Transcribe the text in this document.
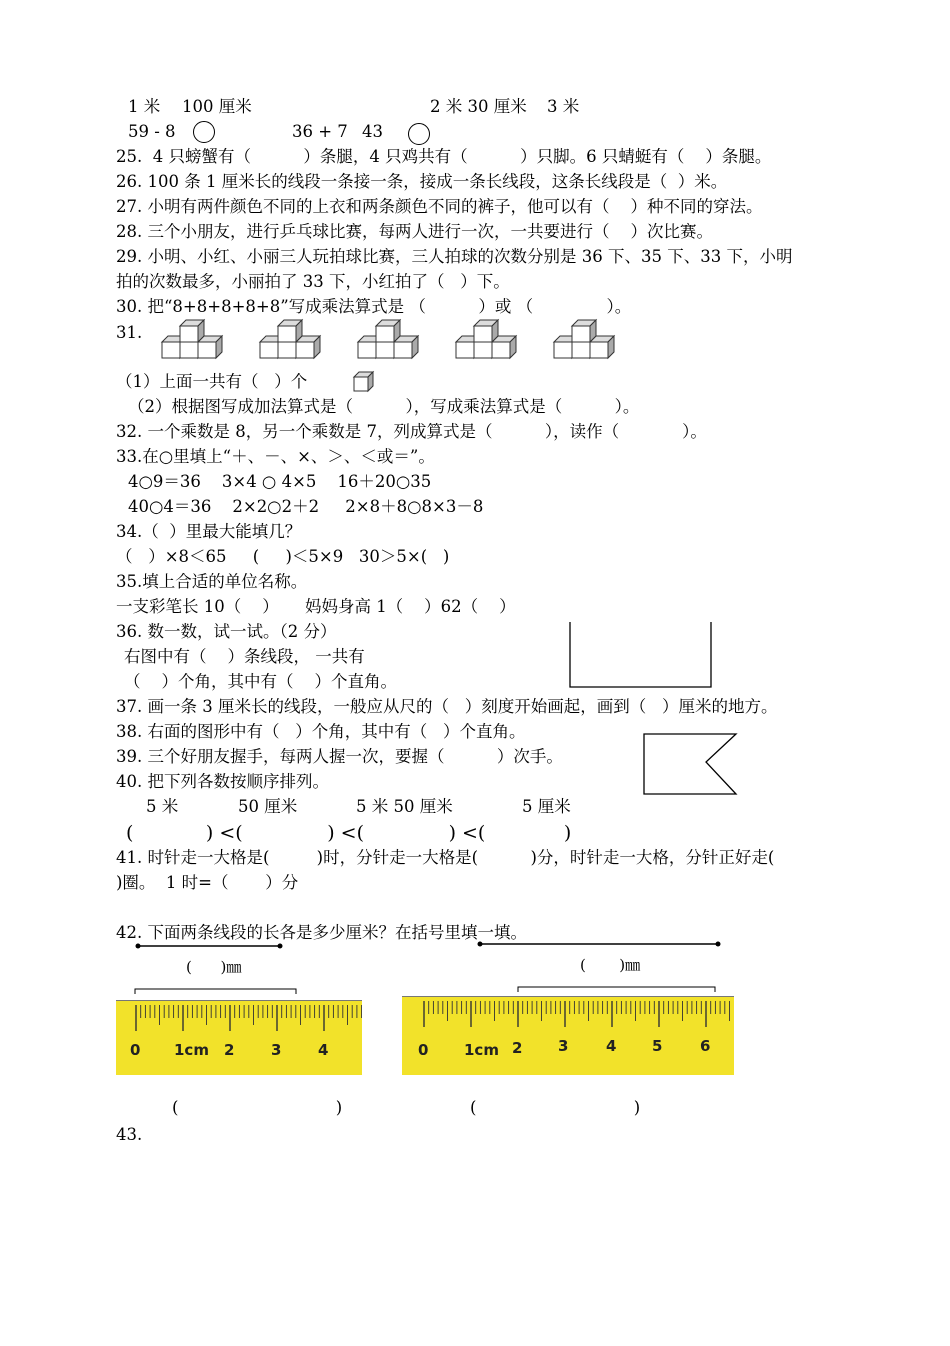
1 米 100 厘米	2 米 30 厘米 3 米
59 - 8	36 + 7 43
25.  4 只螃蟹有（          ）条腿，4 只鸡共有（          ）只脚。6 只蜻蜓有（    ）条腿。
26. 100 条 1 厘米长的线段一条接一条，接成一条长线段，这条长线段是（  ）米。
27. 小明有两件颜色不同的上衣和两条颜色不同的裤子，他可以有（    ）种不同的穿法。
28. 三个小朋友，进行乒乓球比赛，每两人进行一次，一共要进行（    ）次比赛。
29. 小明、小红、小丽三人玩拍球比赛，三人拍球的次数分别是 36 下、35 下、33 下，小明
拍的次数最多，小丽拍了 33 下，小红拍了（   ）下。
30. 把“8+8+8+8+8”写成乘法算式是 （          ）或 （              ）。
31.
（1）上面一共有（   ）个
（2）根据图写成加法算式是（          ），写成乘法算式是（          ）。
32. 一个乘数是 8，另一个乘数是 7，列成算式是（          ），读作（            ）。
33.在○里填上“＋、－、×、＞、＜或＝”。
4○9＝36    3×4 ○ 4×5    16＋20○35
40○4＝36    2×2○2＋2     2×8＋8○8×3－8
34.（  ）里最大能填几？
（   ）×8＜65     (     )＜5×9   30＞5×(   )
35.填上合适的单位名称。
一支彩笔长 10（    ）     妈妈身高 1（    ）62（    ）
36. 数一数，试一试。（2 分）
右图中有（    ）条线段， 一共有
（    ）个角，其中有（    ）个直角。
37. 画一条 3 厘米长的线段，一般应从尺的（   ）刻度开始画起，画到（   ）厘米的地方。
38. 右面的图形中有（   ）个角，其中有（   ）个直角。
39. 三个好朋友握手，每两人握一次，要握（          ）次手。
40. 把下列各数按顺序排列。
5 米	50 厘米	5 米 50 厘米	5 厘米
(            ) <(              ) <(              ) <(             )
41. 时针走一大格是(         )时，分针走一大格是(          )分，时针走一大格，分针正好走(
)圈。  1 时=（       ）分
42. 下面两条线段的长各是多少厘米？在括号里填一填。
(      )㎜	(       )㎜
0 1cm 2 3 4	0 1cm 2 3	4 5	6
(                              )	(                              )
43.
